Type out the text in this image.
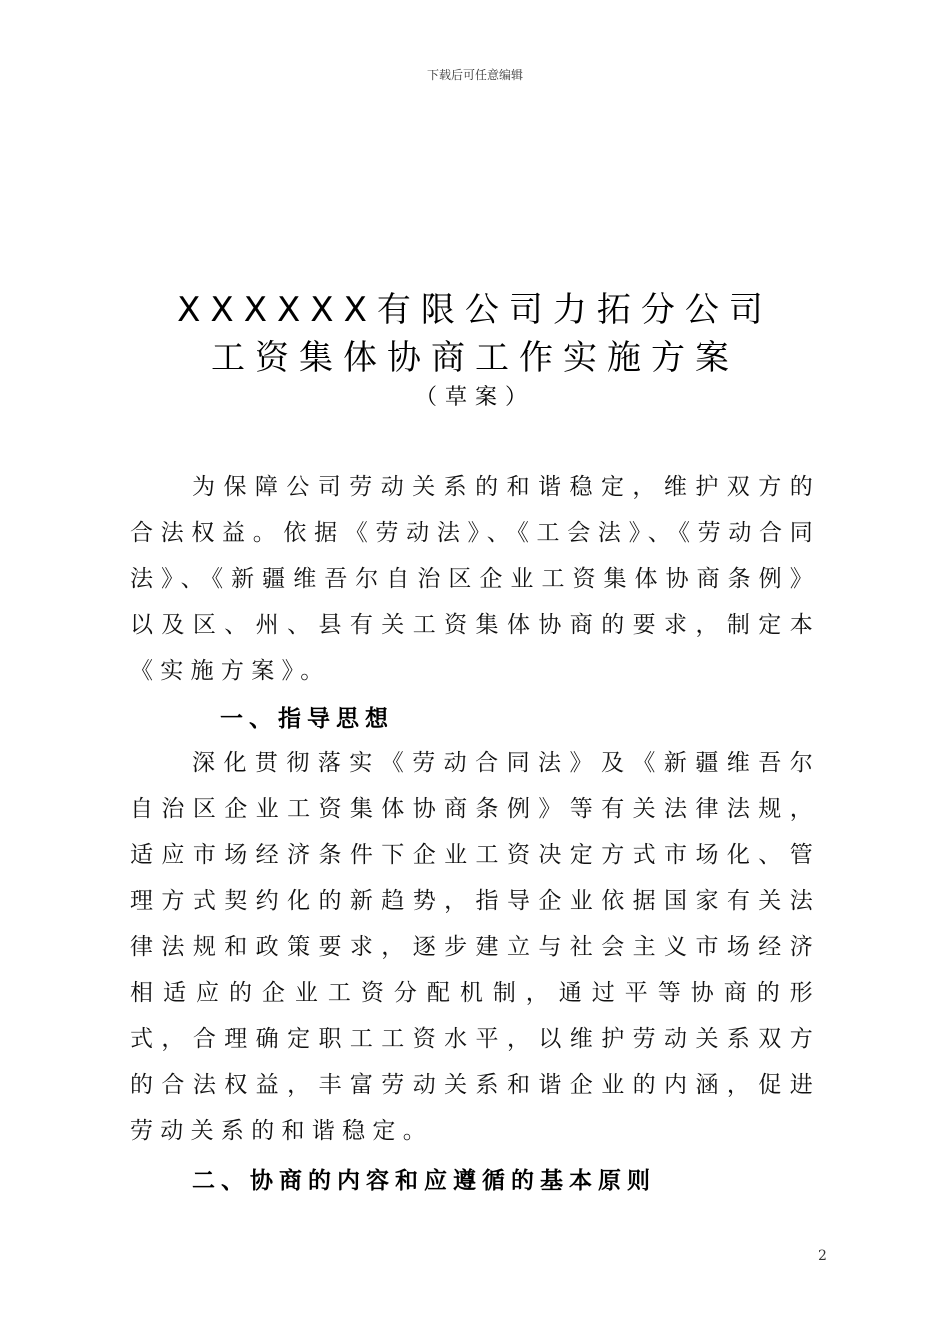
下载后可任意编辑
XXXXXX有限公司力拓分公司
工资集体协商工作实施方案
（草案）
为保障公司劳动关系的和谐稳定，维护双方的合法权益。依据《劳动法》、《工会法》、《劳动合同法》、《新疆维吾尔自治区企业工资集体协商条例》以及区、州、县有关工资集体协商的要求，制定本《实施方案》。
一、指导思想
深化贯彻落实《劳动合同法》及《新疆维吾尔自治区企业工资集体协商条例》等有关法律法规，适应市场经济条件下企业工资决定方式市场化、管理方式契约化的新趋势，指导企业依据国家有关法律法规和政策要求，逐步建立与社会主义市场经济相适应的企业工资分配机制，通过平等协商的形式，合理确定职工工资水平，以维护劳动关系双方的合法权益，丰富劳动关系和谐企业的内涵，促进劳动关系的和谐稳定。
二、协商的内容和应遵循的基本原则
2
